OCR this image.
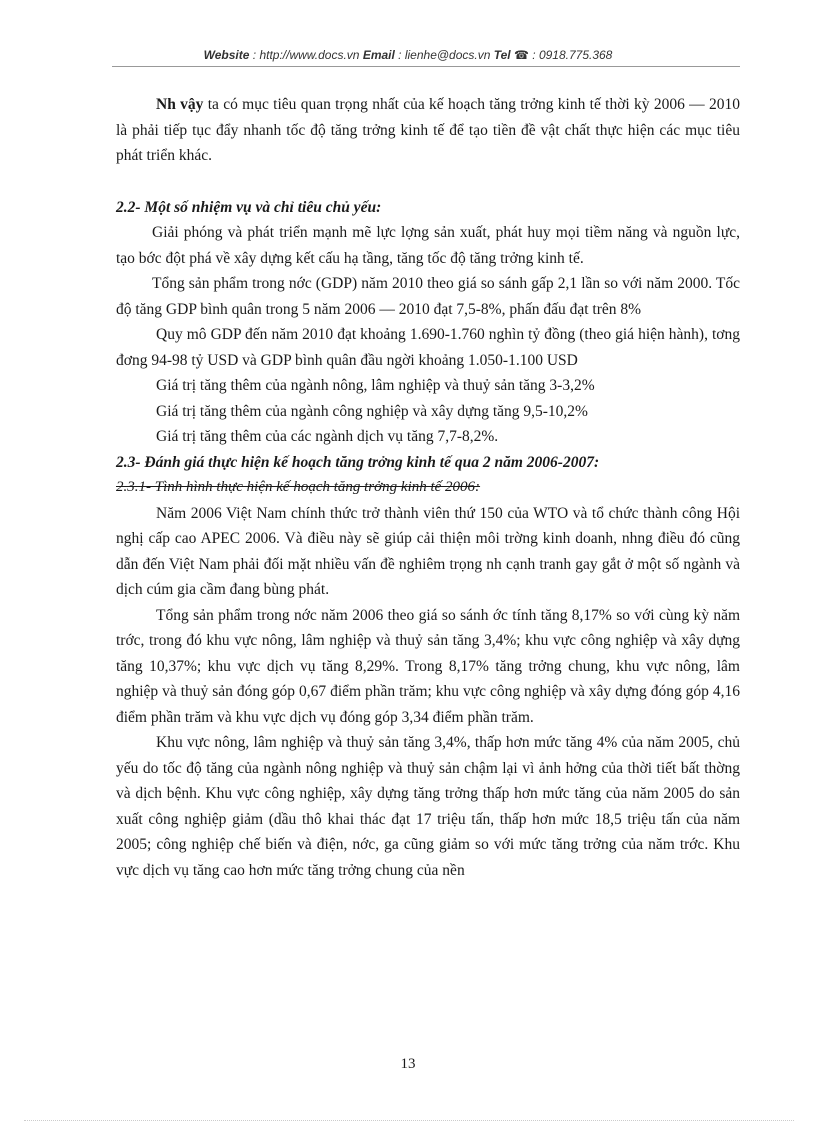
Website : http://www.docs.vn Email : lienhe@docs.vn Tel ☎ : 0918.775.368

Nh vậy ta có mục tiêu quan trọng nhất của kế hoạch tăng trởng kinh tế thời kỳ 2006 — 2010 là phải tiếp tục đẩy nhanh tốc độ tăng trởng kinh tế để tạo tiền đề vật chất thực hiện các mục tiêu phát triển khác.

2.2- Một số nhiệm vụ và chỉ tiêu chủ yếu:

Giải phóng và phát triển mạnh mẽ lực lợng sản xuất, phát huy mọi tiềm năng và nguồn lực, tạo bớc đột phá về xây dựng kết cấu hạ tầng, tăng tốc độ tăng trởng kinh tế.

Tổng sản phẩm trong nớc (GDP) năm 2010 theo giá so sánh gấp 2,1 lần so với năm 2000. Tốc độ tăng GDP bình quân trong 5 năm 2006 — 2010 đạt 7,5-8%, phấn đấu đạt trên 8%

Quy mô GDP đến năm 2010 đạt khoảng 1.690-1.760 nghìn tỷ đồng (theo giá hiện hành), tơng đơng 94-98 tỷ USD và GDP bình quân đầu ngời khoảng 1.050-1.100 USD

Giá trị tăng thêm của ngành nông, lâm nghiệp và thuỷ sản tăng 3-3,2%

Giá trị tăng thêm của ngành công nghiệp và xây dựng tăng 9,5-10,2%

Giá trị tăng thêm của các ngành dịch vụ tăng 7,7-8,2%.

2.3- Đánh giá thực hiện kế hoạch tăng trởng kinh tế qua 2 năm 2006-2007:

2.3.1- Tình hình thực hiện kế hoạch tăng trởng kinh tế 2006:

Năm 2006 Việt Nam chính thức trở thành viên thứ 150 của WTO và tổ chức thành công Hội nghị cấp cao APEC 2006. Và điều này sẽ giúp cải thiện môi trờng kinh doanh, nhng điều đó cũng dẫn đến Việt Nam phải đối mặt nhiều vấn đề nghiêm trọng nh cạnh tranh gay gắt ở một số ngành và dịch cúm gia cầm đang bùng phát.

Tổng sản phẩm trong nớc năm 2006 theo giá so sánh ớc tính tăng 8,17% so với cùng kỳ năm trớc, trong đó khu vực nông, lâm nghiệp và thuỷ sản tăng 3,4%; khu vực công nghiệp và xây dựng tăng 10,37%; khu vực dịch vụ tăng 8,29%. Trong 8,17% tăng trởng chung, khu vực nông, lâm nghiệp và thuỷ sản đóng góp 0,67 điểm phần trăm; khu vực công nghiệp và xây dựng đóng góp 4,16 điểm phần trăm và khu vực dịch vụ đóng góp 3,34 điểm phần trăm.

Khu vực nông, lâm nghiệp và thuỷ sản tăng 3,4%, thấp hơn mức tăng 4% của năm 2005, chủ yếu do tốc độ tăng của ngành nông nghiệp và thuỷ sản chậm lại vì ảnh hởng của thời tiết bất thờng và dịch bệnh. Khu vực công nghiệp, xây dựng tăng trởng thấp hơn mức tăng của năm 2005 do sản xuất công nghiệp giảm (dầu thô khai thác đạt 17 triệu tấn, thấp hơn mức 18,5 triệu tấn của năm 2005; công nghiệp chế biến và điện, nớc, ga cũng giảm so với mức tăng trởng của năm trớc. Khu vực dịch vụ tăng cao hơn mức tăng trởng chung của nền

13
